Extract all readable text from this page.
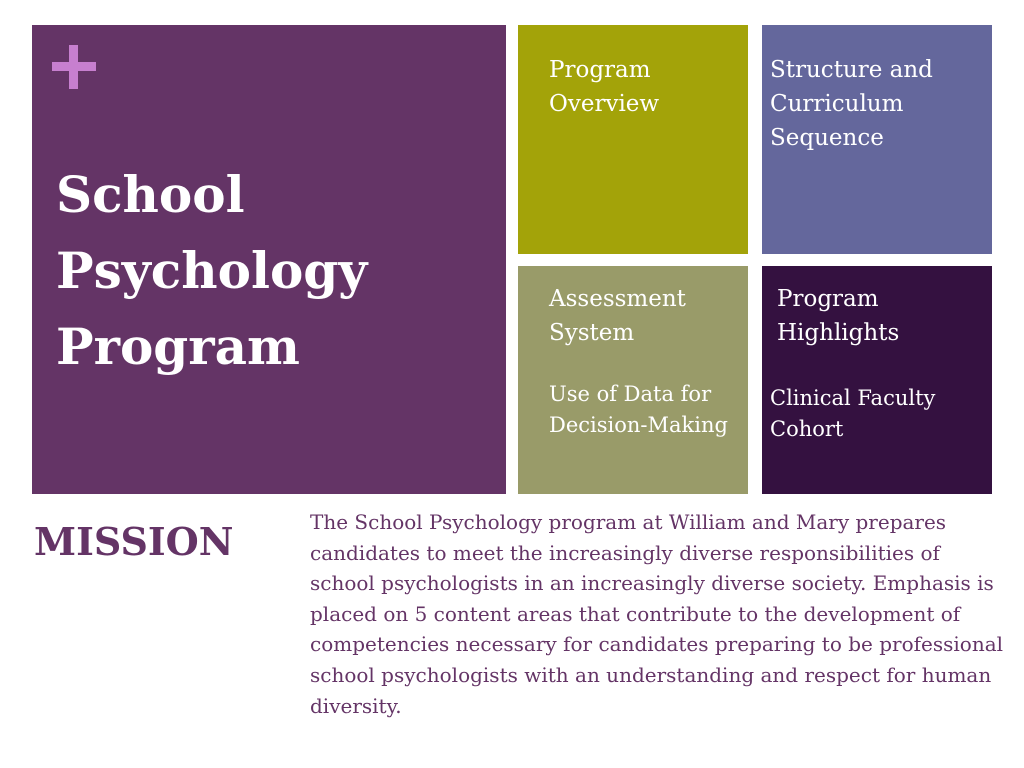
School Psychology Program

Program Overview

Structure and Curriculum Sequence

Assessment System

Use of Data for Decision-Making

Program Highlights

Clinical Faculty Cohort

MISSION	The School Psychology program at William and Mary prepares candidates to meet the increasingly diverse responsibilities of school psychologists in an increasingly diverse society. Emphasis is placed on 5 content areas that contribute to the development of competencies necessary for candidates preparing to be professional school psychologists with an understanding and respect for human diversity.
